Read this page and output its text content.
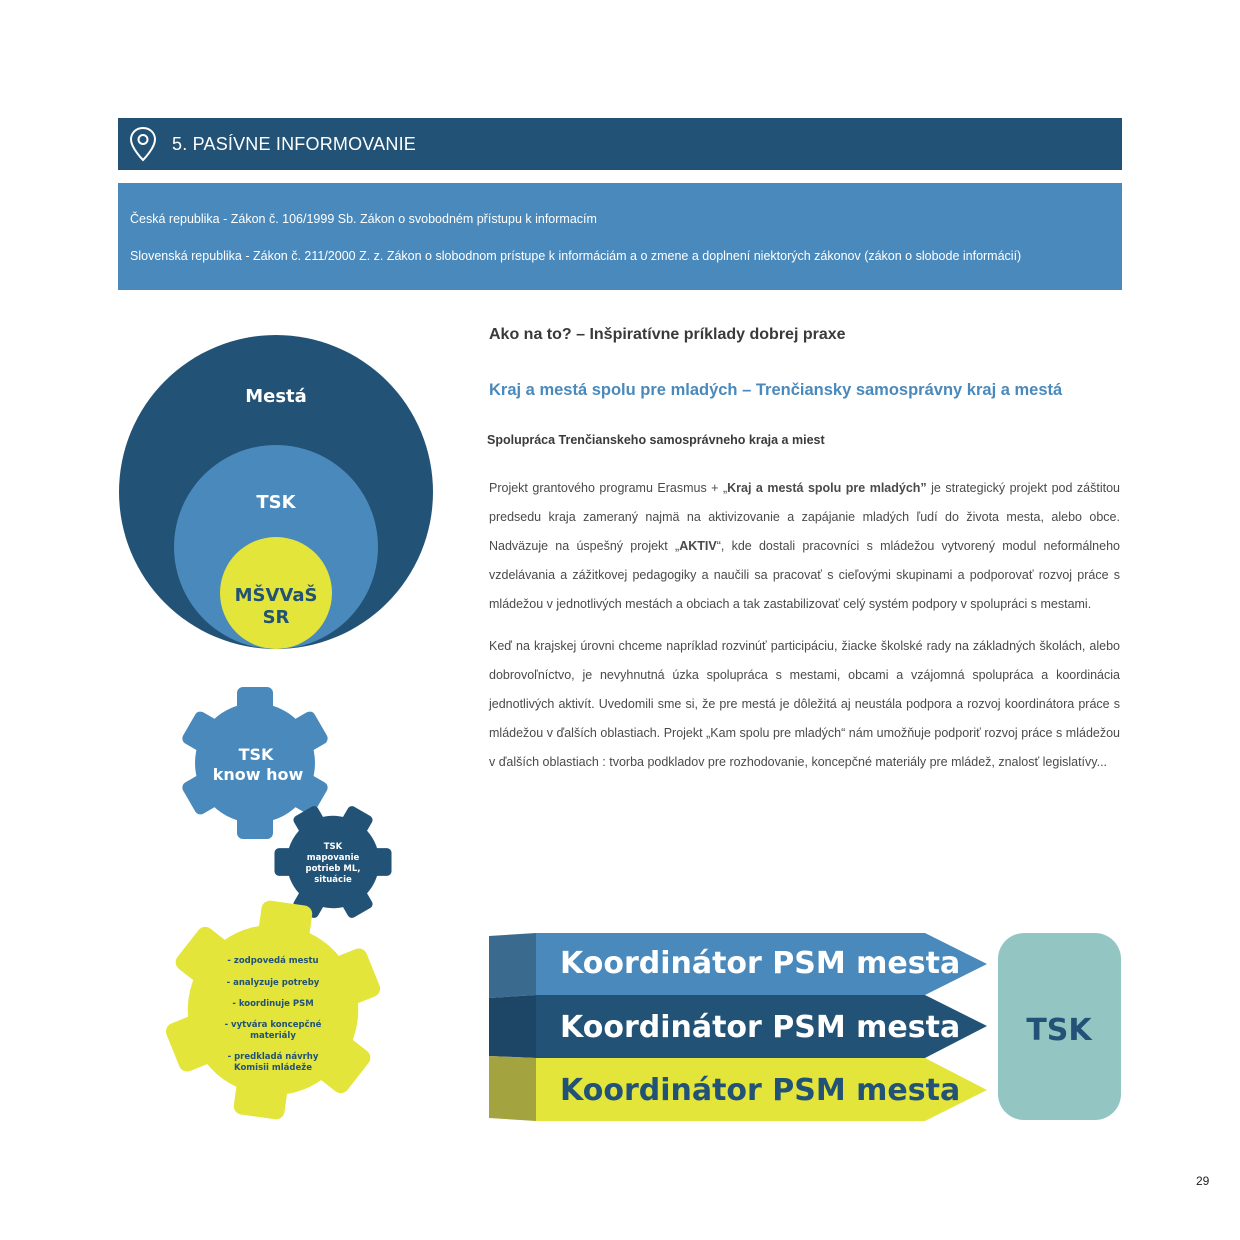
5. PASÍVNE INFORMOVANIE
Česká republika - Zákon č. 106/1999 Sb. Zákon o svobodném přístupu k informacím
Slovenská republika - Zákon č. 211/2000 Z. z. Zákon o slobodnom prístupe k informáciám a o zmene a doplnení niektorých zákonov (zákon o slobode informácií)
Ako na to? – Inšpiratívne príklady dobrej praxe
Kraj a mestá spolu pre mladých – Trenčiansky samosprávny kraj a mestá
Spolupráca Trenčianskeho samosprávneho kraja a miest

Projekt grantového programu Erasmus + „Kraj a mestá spolu pre mladých” je strategický projekt pod záštitou predsedu kraja zameraný najmä na aktivizovanie a zapájanie mladých ľudí do života mesta, alebo obce. Nadväzuje na úspešný projekt „AKTIV“, kde dostali pracovníci s mládežou vytvorený modul neformálneho vzdelávania a zážitkovej pedagogiky a naučili sa pracovať s cieľovými skupinami a podporovať rozvoj práce s mládežou v jednotlivých mestách a obciach a tak zastabilizovať celý systém podpory v spolupráci s mestami.

Keď na krajskej úrovni chceme napríklad rozvinúť participáciu, žiacke školské rady na základných školách, alebo dobrovoľníctvo, je nevyhnutná úzka spolupráca s mestami, obcami a vzájomná spolupráca a koordinácia jednotlivých aktivít. Uvedomili sme si, že pre mestá je dôležitá aj neustála podpora a rozvoj koordinátora práce s mládežou v ďalších oblastiach. Projekt „Kam spolu pre mladých“ nám umožňuje podporiť rozvoj práce s mládežou v ďalších oblastiach : tvorba podkladov pre rozhodovanie, koncepčné materiály pre mládež, znalosť legislatívy...

Mestá
TSK
MŠVVaŠ
SR
TSK
know how
TSK
mapovanie
potrieb ML,
situácie
- zodpovedá mestu
- analyzuje potreby
- koordinuje PSM
- vytvára koncepčné
materiály
- predkladá návrhy
Komisii mládeže
TSK
Koordinátor PSM mesta
Koordinátor PSM mesta
Koordinátor PSM mesta
29
